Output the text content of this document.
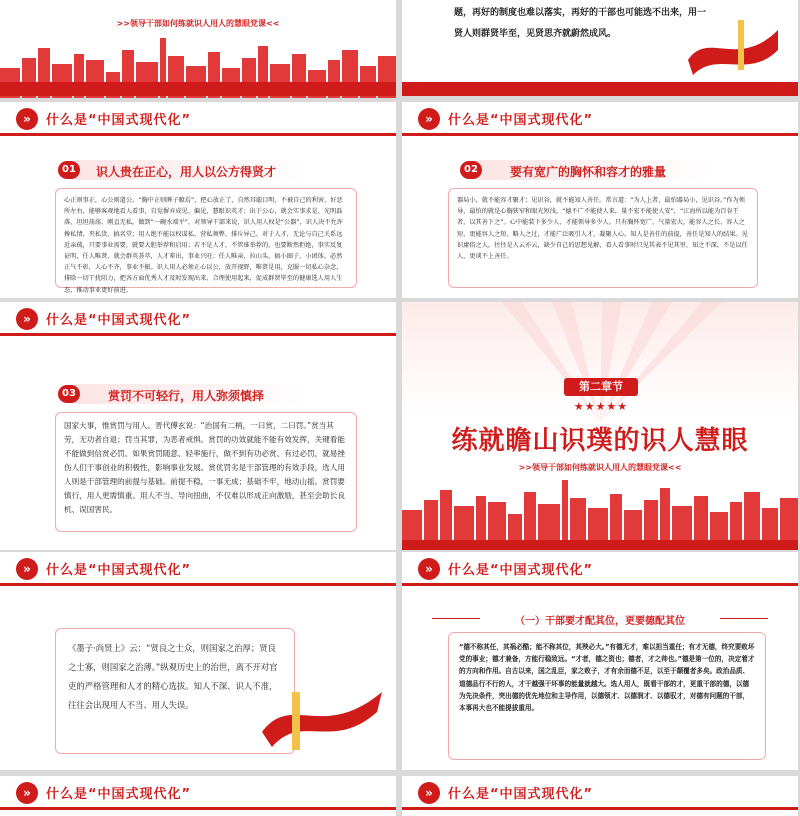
>>领导干部如何练就识人用人的慧眼党课<<
题，再好的制度也难以落实，再好的干部也可能选不出来，用一贤人则群贤毕至，见贤思齐就蔚然成风。
»	什么是“中国式现代化”
01	识人贵在正心，用人以公方得贤才
心正则事正，心公则道公。“胸中正则眸子瞭焉”，把心放正了，自然耳聪目明，不被自己的利害、好恶所左右，能够客观地看人看事，自觉摒弃成见、偏见，慧眼识英才；出于公心，就会实事求是、光明磊落，坦坦荡荡、刚直无私，做到“一碗水端平”，对领导干部来说，识人用人权是“公器”，识人决不允许搀私情、夹私货、搞名堂；用人绝不能以权谋私、营私舞弊、排斥异己。对于人才，无论与自己关系远近亲疏，只要事业需要，就要大胆举荐和启用；若不是人才，不管谁举荐的，也要断然拒绝，事实反复证明，任人唯贤，就会群英荟萃，人才辈出，事业兴旺；任人唯亲，拉山头，搞小圈子、小团体，必然正气不彰，人心不齐，事业不振。识人用人必须正心以公，放开视野，唯贤是用，克服一切私心杂念，排除一切干扰阻力，把各方面优秀人才及时发现出来、合理使用起来，促成群贤毕至的健康选人用人生态，推动事业更好前进。
»	什么是“中国式现代化”
02	要有宽广的胸怀和容才的雅量
器局小，就不能容才聚才；见识谷，就不能知人善任。常言道：“为人上者，最怕器局小，见识谷。”作为领导，最怕的就是心胸狭窄和眼光短浅。“德不广不能使人来，量不宏不能使人安”，“江海所以能为百谷王者，以其善下之”。心中能装下多少人，才能领导多少人。只有胸怀宽广、气量宏大，能容人之长、容人之短，更能容人之短、略人之过，才能广泛吸引人才、凝聚人心。知人是善任的前提，善任是知人的结果。见识庸俗之人，往往是人云亦云，缺少自己的思想见解，看人看事时只见其表不见其里，知之不深，不是以任人，更谈不上善任。
»	什么是“中国式现代化”
03	赏罚不可轻行，用人弥须慎择
国家大事，惟赏罚与用人。晋代傅玄说：“治国有二柄，一曰赏，二曰罚。”赏当其劳，无功者自退；罚当其罪，为恶者戒惧。赏罚的功效就能不能有效发挥，关键看能不能做到信赏必罚。如果赏罚随意、轻率施行，做不到有功必赏、有过必罚，就易挫伤人们干事创业的积极性，影响事业发展。赏优罚劣是干部管理的有效手段，选人用人则是干部管理的前提与基础。前提不稳，一事无成；基础不牢，地动山摇。赏罚要慎行，用人更需慎重。用人不当、导向扭曲，不仅难以形成正向激励，甚至会助长良机、误国害民。
第二章节
★★★★★
练就瞻山识璞的识人慧眼
>>领导干部如何练就识人用人的慧眼党课<<
»	什么是“中国式现代化”
《墨子·尚贤上》云：“贤良之士众，则国家之治厚；贤良之士寡，则国家之治薄。”纵观历史上的治世，离不开对官吏的严格管理和人才的精心选拔。知人不深、识人不准，往往会出现用人不当、用人失误。
»	什么是“中国式现代化”
（一）干部要才配其位，更要德配其位
“德不称其任，其祸必酷；能不称其位，其殃必大。”有德无才，难以担当重任；有才无德，终究要败坏党的事业；德才兼备，方能行稳致远。“才者，德之资也；德者，才之帅也。”德是第一位的，决定着才的方向和作用。自古以来，国之乱臣，家之败子，才有余而德不足，以至于颠覆者多矣。政治品质、道德品行不行的人，才干越强干坏事的能量就越大。选人用人，既看干部的才，更重干部的德，以德为先决条件，突出德的优先地位和主导作用，以德领才、以德润才、以德驭才，对德有问题的干部，本事再大也不能提拔重用。
»	什么是“中国式现代化”	»	什么是“中国式现代化”
